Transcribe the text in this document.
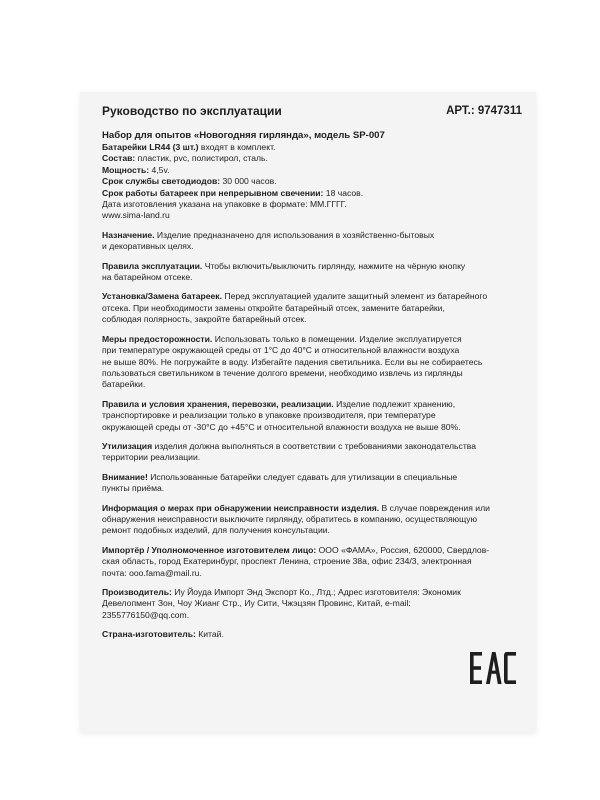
Руководство по эксплуатации	АРТ.: 9747311
Набор для опытов «Новогодняя гирлянда», модель SP-007
Батарейки LR44 (3 шт.) входят в комплект.
Состав: пластик, pvc, полистирол, сталь.
Мощность: 4,5v.
Срок службы светодиодов: 30 000 часов.
Срок работы батареек при непрерывном свечении: 18 часов.
Дата изготовления указана на упаковке в формате: ММ.ГГГГ.
www.sima-land.ru
Назначение. Изделие предназначено для использования в хозяйственно-бытовых
и декоративных целях.
Правила эксплуатации. Чтобы включить/выключить гирлянду, нажмите на чёрную кнопку
на батарейном отсеке.
Установка/Замена батареек. Перед эксплуатацией удалите защитный элемент из батарейного
отсека. При необходимости замены откройте батарейный отсек, замените батарейки,
соблюдая полярность, закройте батарейный отсек.
Меры предосторожности. Использовать только в помещении. Изделие эксплуатируется
при температуре окружающей среды от 1°С до 40°С и относительной влажности воздуха
не выше 80%. Не погружайте в воду. Избегайте падения светильника. Если вы не собираетесь
пользоваться светильником в течение долгого времени, необходимо извлечь из гирлянды
батарейки.
Правила и условия хранения, перевозки, реализации. Изделие подлежит хранению,
транспортировке и реализации только в упаковке производителя, при температуре
окружающей среды от -30°С до +45°С и относительной влажности воздуха не выше 80%.
Утилизация изделия должна выполняться в соответствии с требованиями законодательства
территории реализации.
Внимание! Использованные батарейки следует сдавать для утилизации в специальные
пункты приёма.
Информация о мерах при обнаружении неисправности изделия. В случае повреждения или
обнаружения неисправности выключите гирлянду, обратитесь в компанию, осуществляющую
ремонт подобных изделий, для получения консультации.
Импортёр / Уполномоченное изготовителем лицо: ООО «ФАМА», Россия, 620000, Свердлов-
ская область, город Екатеринбург, проспект Ленина, строение 38а, офис 234/3, электронная
почта: ooo.fama@mail.ru.
Производитель: Иу Йоуда Импорт Энд Экспорт Ко., Лтд.; Адрес изготовителя: Экономик
Девелопмент Зон, Чоу Жианг Стр., Иу Сити, Чжэцзян Провинс, Китай, e-mail:
2355776150@qq.com.
Страна-изготовитель: Китай.
